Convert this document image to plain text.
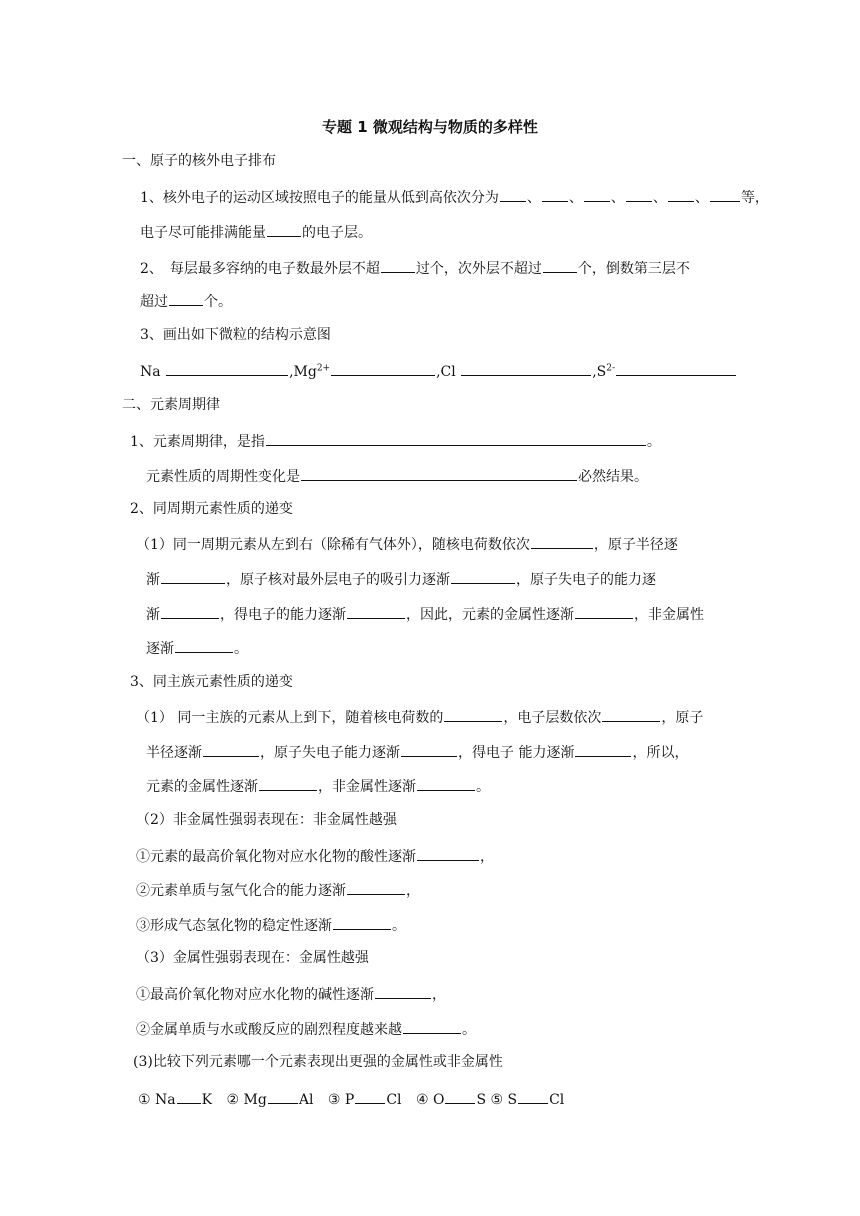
专题 1 微观结构与物质的多样性
一、原子的核外电子排布
1、核外电子的运动区域按照电子的能量从低到高依次分为 、 、 、 、 、 等，
电子尽可能排满能量	的电子层。
2、　每层最多容纳的电子数最外层不超	过个，次外层不超过	个，倒数第三层不
超过	个。
3、画出如下微粒的结构示意图
Na	$,Mg^{2+}$	,Cl	$,S^{2-}$
二、元素周期律
1、元素周期律，是指	。
元素性质的周期性变化是	必然结果。
2、同周期元素性质的递变
（1）同一周期元素从左到右（除稀有气体外），随核电荷数依次	，原子半径逐
渐	，原子核对最外层电子的吸引力逐渐	，原子失电子的能力逐
渐	，得电子的能力逐渐	，因此，元素的金属性逐渐	，非金属性
逐渐	。
3、同主族元素性质的递变
（1） 同一主族的元素从上到下，随着核电荷数的	，电子层数依次	，原子
半径逐渐	，原子失电子能力逐渐	，得电子 能力逐渐	，所以，
元素的金属性逐渐	，非金属性逐渐	。
（2）非金属性强弱表现在：非金属性越强
①元素的最高价氧化物对应水化物的酸性逐渐	，
②元素单质与氢气化合的能力逐渐	，
③形成气态氢化物的稳定性逐渐	。
（3）金属性强弱表现在：金属性越强
①最高价氧化物对应水化物的碱性逐渐	，
②金属单质与水或酸反应的剧烈程度越来越	。
(3)比较下列元素哪一个元素表现出更强的金属性或非金属性
① Na K ② Mg Al ③ P Cl ④ O S ⑤ S Cl
